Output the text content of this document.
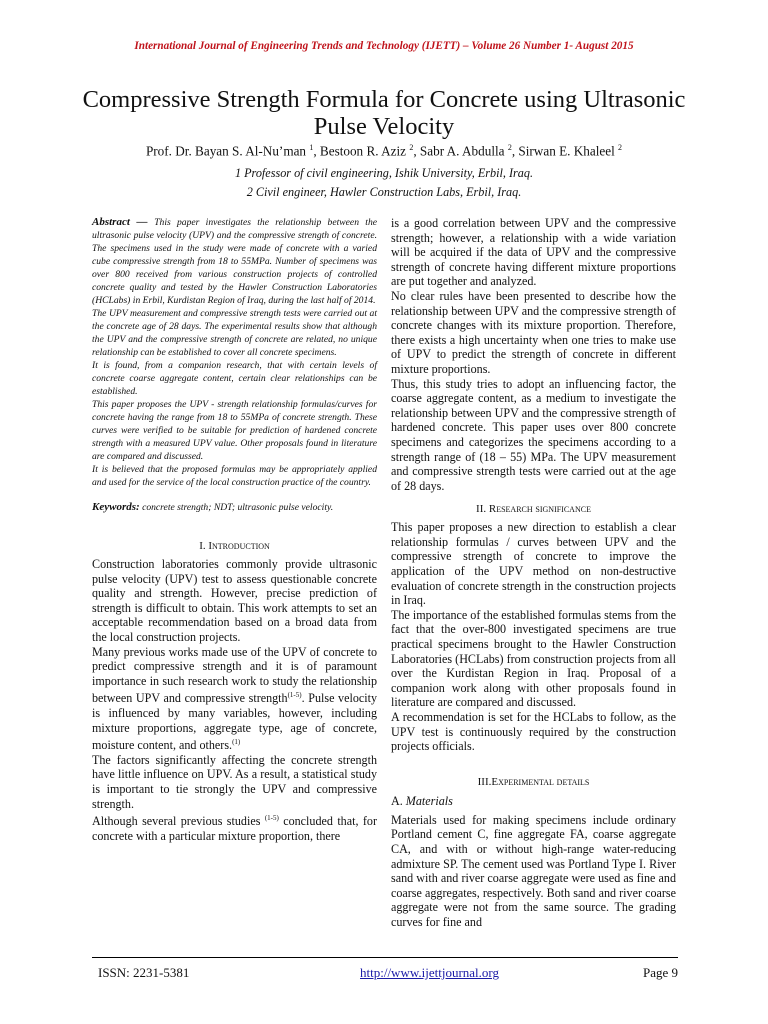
International Journal of Engineering Trends and Technology (IJETT) – Volume 26 Number 1- August 2015
Compressive Strength Formula for Concrete using Ultrasonic Pulse Velocity
Prof. Dr. Bayan S. Al-Nu’man $^1$, Bestoon R. Aziz $^2$, Sabr A. Abdulla $^2$, Sirwan E. Khaleel $^2$
1 Professor of civil engineering, Ishik University, Erbil, Iraq.
2 Civil engineer, Hawler Construction Labs, Erbil, Iraq.

Abstract — This paper investigates the relationship between the ultrasonic pulse velocity (UPV) and the compressive strength of concrete. The specimens used in the study were made of concrete with a varied cube compressive strength from 18 to 55MPa. Number of specimens was over 800 received from various construction projects of controlled concrete quality and tested by the Hawler Construction Laboratories (HCLabs) in Erbil, Kurdistan Region of Iraq, during the last half of 2014.

The UPV measurement and compressive strength tests were carried out at the concrete age of 28 days. The experimental results show that although the UPV and the compressive strength of concrete are related, no unique relationship can be established to cover all concrete specimens.

It is found, from a companion research, that with certain levels of concrete coarse aggregate content, certain clear relationships can be established.

This paper proposes the UPV - strength relationship formulas/curves for concrete having the range from 18 to 55MPa of concrete strength. These curves were verified to be suitable for prediction of hardened concrete strength with a measured UPV value. Other proposals found in literature are compared and discussed.

It is believed that the proposed formulas may be appropriately applied and used for the service of the local construction practice of the country.

Keywords: concrete strength; NDT; ultrasonic pulse velocity.
I. Introduction

Construction laboratories commonly provide ultrasonic pulse velocity (UPV) test to assess questionable concrete quality and strength. However, precise prediction of strength is difficult to obtain. This work attempts to set an acceptable recommendation based on a broad data from the local construction projects.

Many previous works made use of the UPV of concrete to predict compressive strength and it is of paramount importance in such research work to study the relationship between UPV and compressive strength$^{(1-5)}$. Pulse velocity is influenced by many variables, however, including mixture proportions, aggregate type, age of concrete, moisture content, and others.$^{(1)}$

The factors significantly affecting the concrete strength have little influence on UPV. As a result, a statistical study is important to tie strongly the UPV and compressive strength.

Although several previous studies $^{(1-5)}$ concluded that, for concrete with a particular mixture proportion, there

is a good correlation between UPV and the compressive strength; however, a relationship with a wide variation will be acquired if the data of UPV and the compressive strength of concrete having different mixture proportions are put together and analyzed.

No clear rules have been presented to describe how the relationship between UPV and the compressive strength of concrete changes with its mixture proportion. Therefore, there exists a high uncertainty when one tries to make use of UPV to predict the strength of concrete in different mixture proportions.

Thus, this study tries to adopt an influencing factor, the coarse aggregate content, as a medium to investigate the relationship between UPV and the compressive strength of hardened concrete. This paper uses over 800 concrete specimens and categorizes the specimens according to a strength range of (18 – 55) MPa. The UPV measurement and compressive strength tests were carried out at the age of 28 days.

II. Research significance

This paper proposes a new direction to establish a clear relationship formulas / curves between UPV and the compressive strength of concrete to improve the application of the UPV method on non-destructive evaluation of concrete strength in the construction projects in Iraq.

The importance of the established formulas stems from the fact that the over-800 investigated specimens are true practical specimens brought to the Hawler Construction Laboratories (HCLabs) from construction projects from all over the Kurdistan Region in Iraq. Proposal of a companion work along with other proposals found in literature are compared and discussed.

A recommendation is set for the HCLabs to follow, as the UPV test is continuously required by the construction projects officials.

III.Experimental details
A. Materials

Materials used for making specimens include ordinary Portland cement C, fine aggregate FA, coarse aggregate CA, and with or without high-range water-reducing admixture SP. The cement used was Portland Type I. River sand with and river coarse aggregate were used as fine and coarse aggregates, respectively. Both sand and river coarse aggregate were not from the same source. The grading curves for fine and

ISSN: 2231-5381	http://www.ijettjournal.org	Page 9
